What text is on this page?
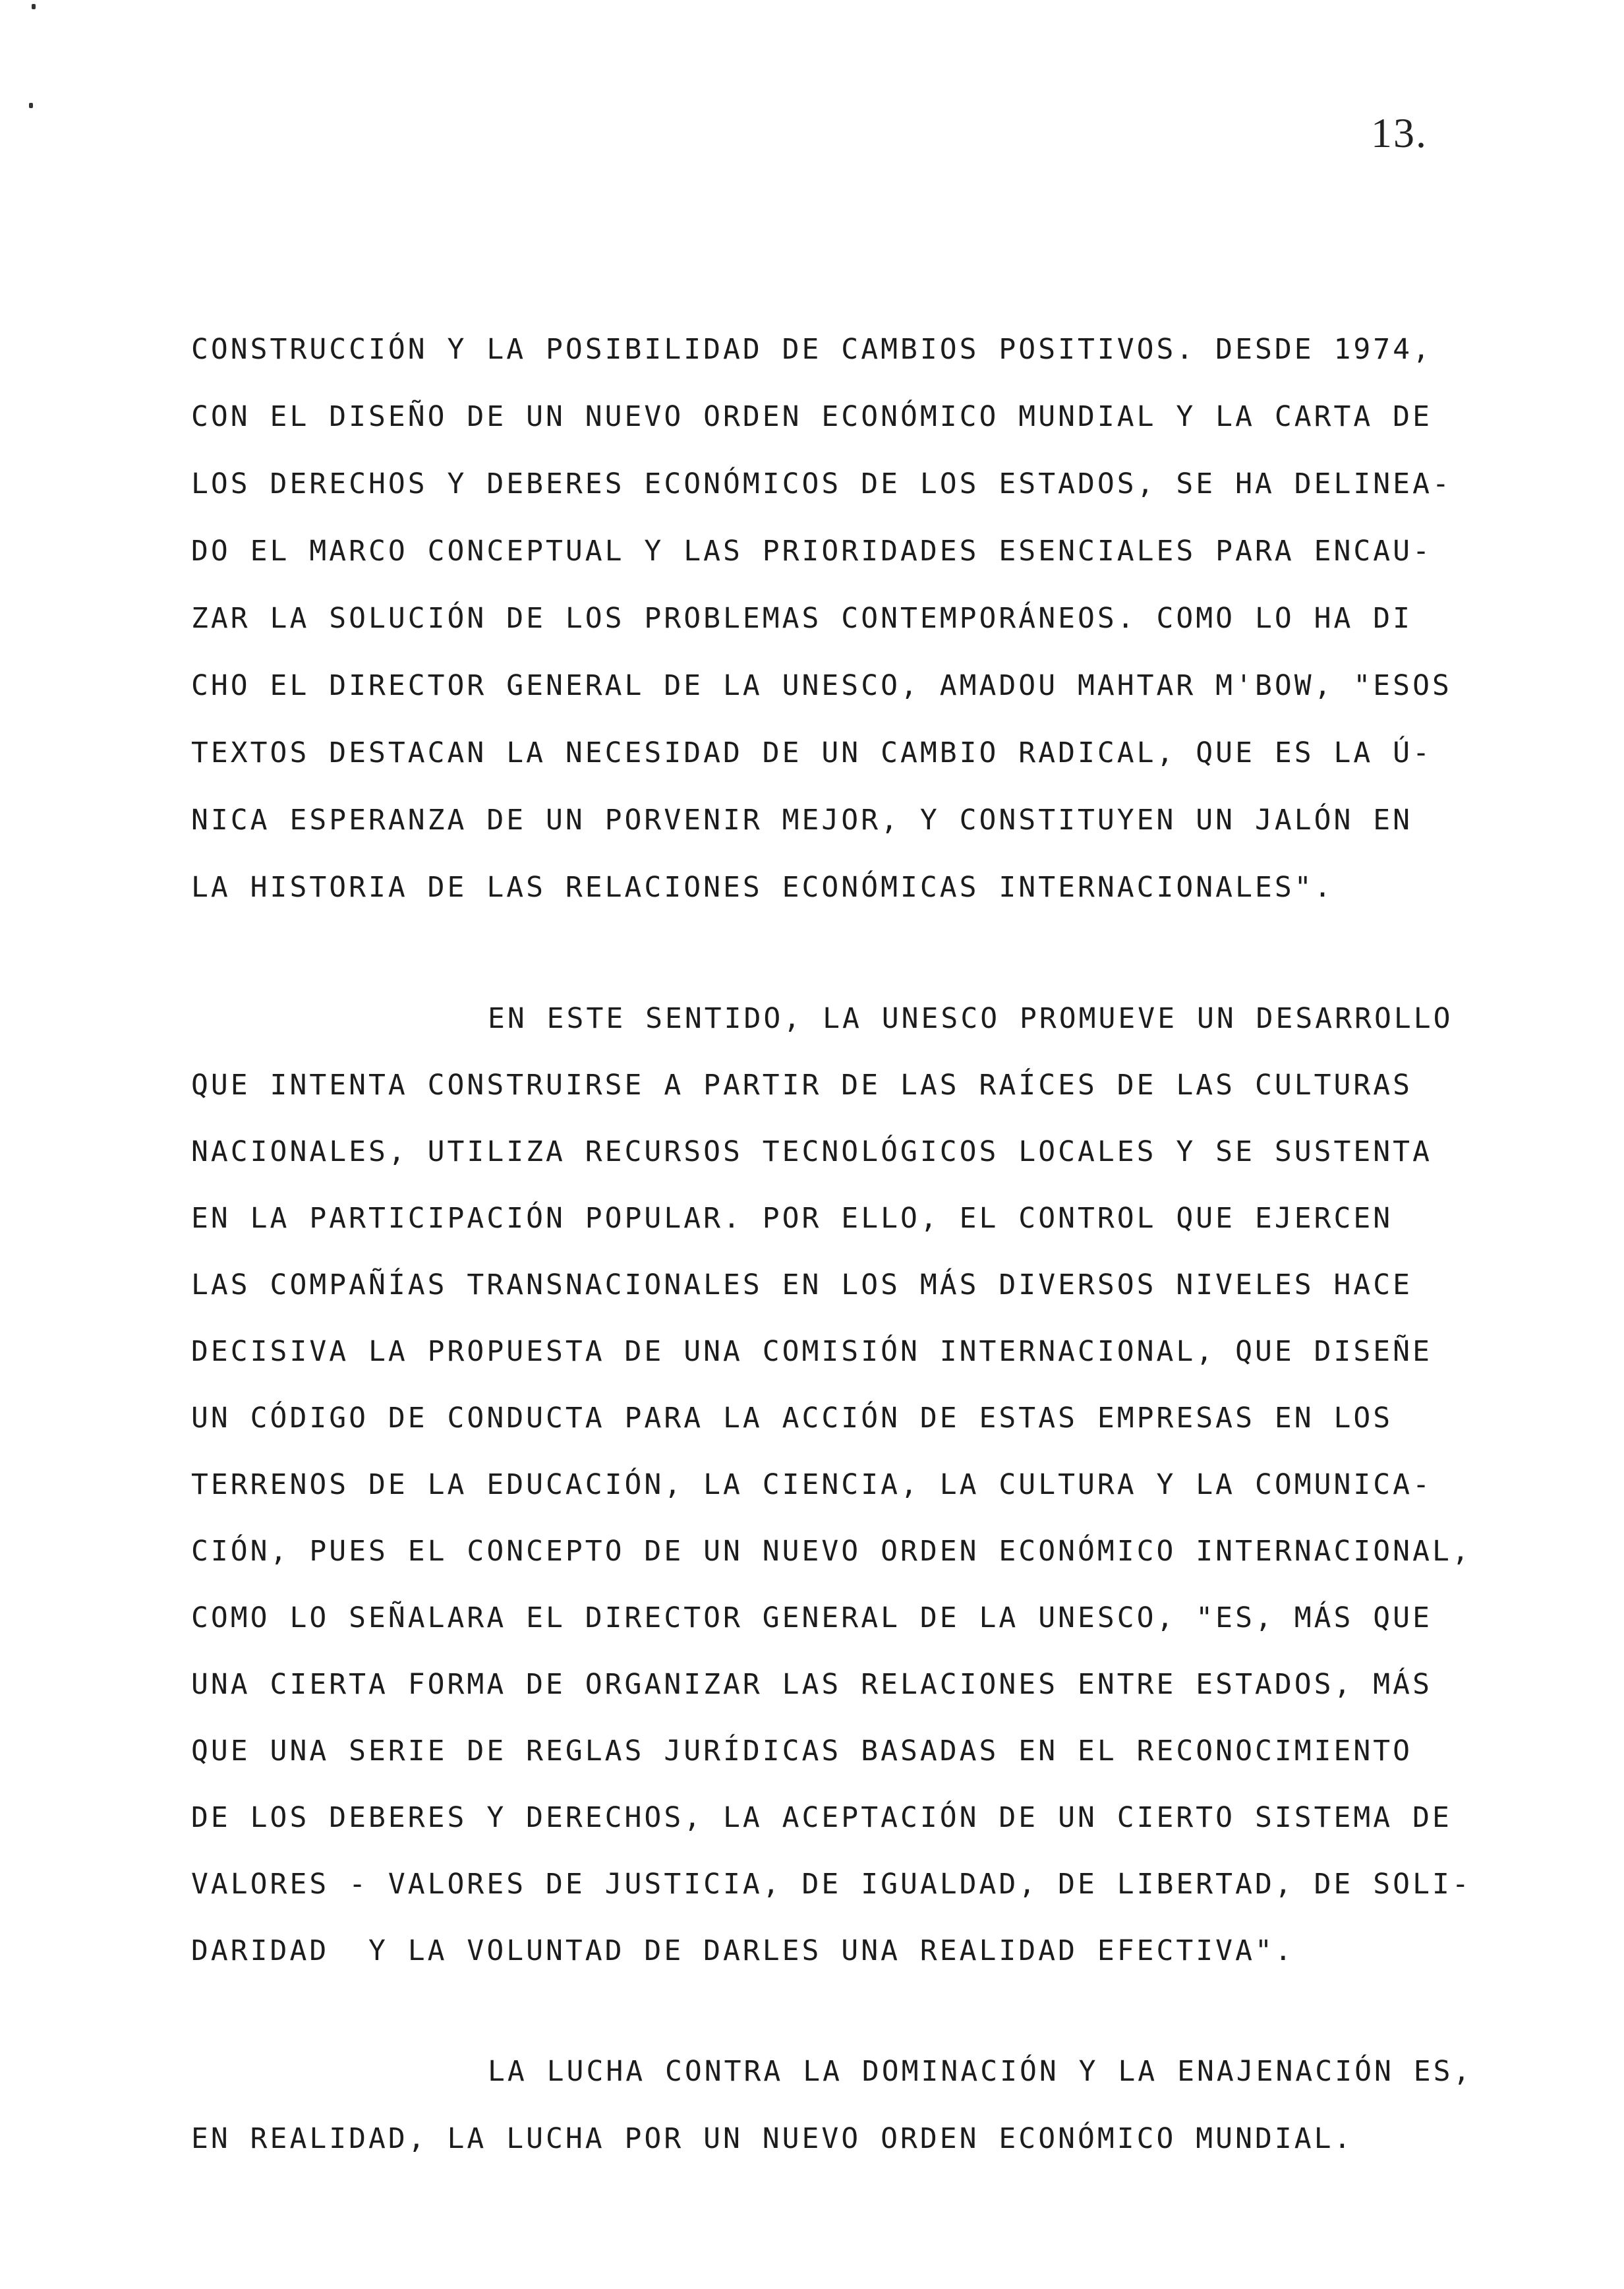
13.
CONSTRUCCIÓN Y LA POSIBILIDAD DE CAMBIOS POSITIVOS. DESDE 1974,
CON EL DISEÑO DE UN NUEVO ORDEN ECONÓMICO MUNDIAL Y LA CARTA DE
LOS DERECHOS Y DEBERES ECONÓMICOS DE LOS ESTADOS, SE HA DELINEA-
DO EL MARCO CONCEPTUAL Y LAS PRIORIDADES ESENCIALES PARA ENCAU-
ZAR LA SOLUCIÓN DE LOS PROBLEMAS CONTEMPORÁNEOS. COMO LO HA DI
CHO EL DIRECTOR GENERAL DE LA UNESCO, AMADOU MAHTAR M'BOW, "ESOS
TEXTOS DESTACAN LA NECESIDAD DE UN CAMBIO RADICAL, QUE ES LA Ú-
NICA ESPERANZA DE UN PORVENIR MEJOR, Y CONSTITUYEN UN JALÓN EN
LA HISTORIA DE LAS RELACIONES ECONÓMICAS INTERNACIONALES".
EN ESTE SENTIDO, LA UNESCO PROMUEVE UN DESARROLLO
QUE INTENTA CONSTRUIRSE A PARTIR DE LAS RAÍCES DE LAS CULTURAS
NACIONALES, UTILIZA RECURSOS TECNOLÓGICOS LOCALES Y SE SUSTENTA
EN LA PARTICIPACIÓN POPULAR. POR ELLO, EL CONTROL QUE EJERCEN
LAS COMPAÑÍAS TRANSNACIONALES EN LOS MÁS DIVERSOS NIVELES HACE
DECISIVA LA PROPUESTA DE UNA COMISIÓN INTERNACIONAL, QUE DISEÑE
UN CÓDIGO DE CONDUCTA PARA LA ACCIÓN DE ESTAS EMPRESAS EN LOS
TERRENOS DE LA EDUCACIÓN, LA CIENCIA, LA CULTURA Y LA COMUNICA-
CIÓN, PUES EL CONCEPTO DE UN NUEVO ORDEN ECONÓMICO INTERNACIONAL,
COMO LO SEÑALARA EL DIRECTOR GENERAL DE LA UNESCO, "ES, MÁS QUE
UNA CIERTA FORMA DE ORGANIZAR LAS RELACIONES ENTRE ESTADOS, MÁS
QUE UNA SERIE DE REGLAS JURÍDICAS BASADAS EN EL RECONOCIMIENTO
DE LOS DEBERES Y DERECHOS, LA ACEPTACIÓN DE UN CIERTO SISTEMA DE
VALORES - VALORES DE JUSTICIA, DE IGUALDAD, DE LIBERTAD, DE SOLI-
DARIDAD  Y LA VOLUNTAD DE DARLES UNA REALIDAD EFECTIVA".
LA LUCHA CONTRA LA DOMINACIÓN Y LA ENAJENACIÓN ES,
EN REALIDAD, LA LUCHA POR UN NUEVO ORDEN ECONÓMICO MUNDIAL.
